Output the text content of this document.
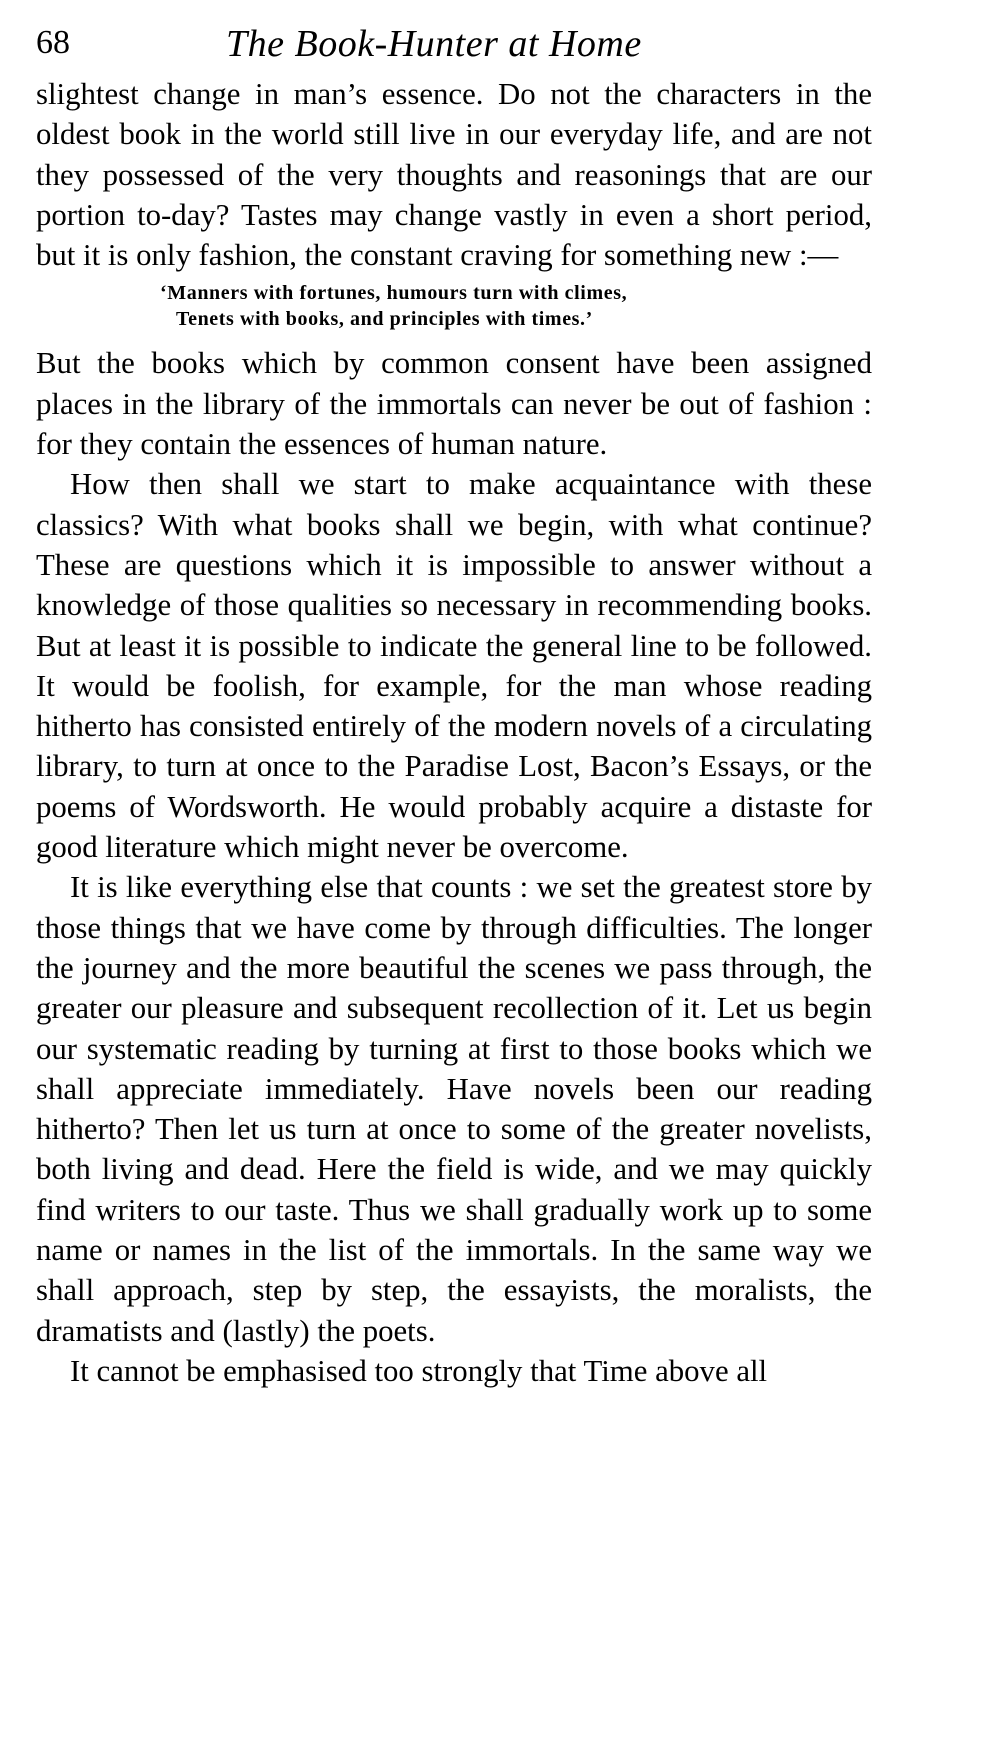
68	The Book-Hunter at Home

slightest change in man’s essence. Do not the characters in the oldest book in the world still live in our everyday life, and are not they possessed of the very thoughts and reasonings that are our portion to-day? Tastes may change vastly in even a short period, but it is only fashion, the constant craving for something new :—

‘Manners with fortunes, humours turn with climes,
Tenets with books, and principles with times.’

But the books which by common consent have been assigned places in the library of the immortals can never be out of fashion : for they contain the essences of human nature.

How then shall we start to make acquaintance with these classics? With what books shall we begin, with what continue? These are questions which it is impossible to answer without a knowledge of those qualities so necessary in recommending books. But at least it is possible to indicate the general line to be followed. It would be foolish, for example, for the man whose reading hitherto has consisted entirely of the modern novels of a circulating library, to turn at once to the Paradise Lost, Bacon’s Essays, or the poems of Wordsworth. He would probably acquire a distaste for good literature which might never be overcome.

It is like everything else that counts : we set the greatest store by those things that we have come by through difficulties. The longer the journey and the more beautiful the scenes we pass through, the greater our pleasure and subsequent recollection of it. Let us begin our systematic reading by turning at first to those books which we shall appreciate immediately. Have novels been our reading hitherto? Then let us turn at once to some of the greater novelists, both living and dead. Here the field is wide, and we may quickly find writers to our taste. Thus we shall gradually work up to some name or names in the list of the immortals. In the same way we shall approach, step by step, the essayists, the moralists, the dramatists and (lastly) the poets.

It cannot be emphasised too strongly that Time above all
